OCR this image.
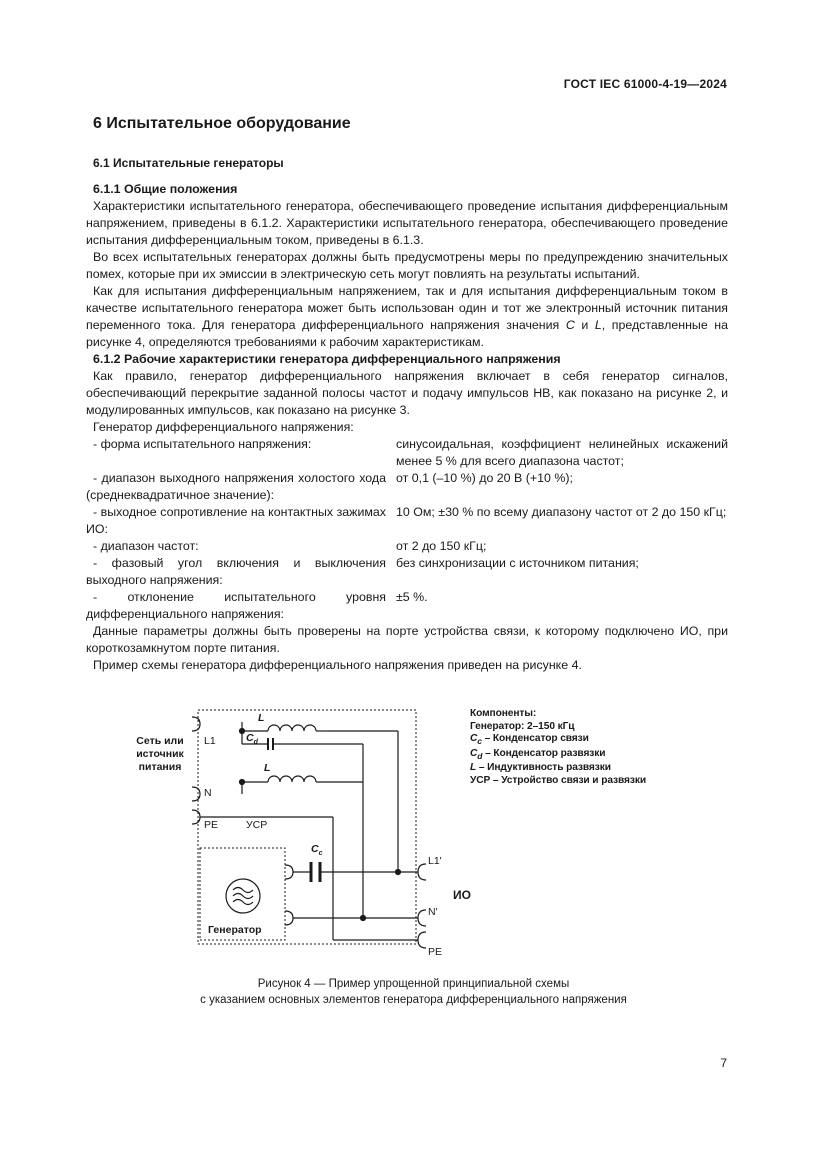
ГОСТ IEC 61000-4-19—2024
6 Испытательное оборудование
6.1 Испытательные генераторы
6.1.1 Общие положения

Характеристики испытательного генератора, обеспечивающего проведение испытания дифференциальным напряжением, приведены в 6.1.2. Характеристики испытательного генератора, обеспечивающего проведение испытания дифференциальным током, приведены в 6.1.3.

Во всех испытательных генераторах должны быть предусмотрены меры по предупреждению значительных помех, которые при их эмиссии в электрическую сеть могут повлиять на результаты испытаний.

Как для испытания дифференциальным напряжением, так и для испытания дифференциальным током в качестве испытательного генератора может быть использован один и тот же электронный источник питания переменного тока. Для генератора дифференциального напряжения значения C и L, представленные на рисунке 4, определяются требованиями к рабочим характеристикам.

6.1.2 Рабочие характеристики генератора дифференциального напряжения

Как правило, генератор дифференциального напряжения включает в себя генератор сигналов, обеспечивающий перекрытие заданной полосы частот и подачу импульсов НВ, как показано на рисунке 2, и модулированных импульсов, как показано на рисунке 3.

Генератор дифференциального напряжения:

- форма испытательного напряжения:	синусоидальная, коэффициент нелинейных искажений менее 5 % для всего диапазона частот;
- диапазон выходного напряжения холостого хода (среднеквадратичное значение):
от 0,1 (–10 %) до 20 В (+10 %);
- выходное сопротивление на контактных зажимах ИО:
10 Ом; ±30 % по всему диапазону частот от 2 до 150 кГц;
- диапазон частот:	от 2 до 150 кГц;
- фазовый угол включения и выключения выходного напряжения:
без синхронизации с источником питания;
- отклонение испытательного уровня дифференциального напряжения:
±5 %.

Данные параметры должны быть проверены на порте устройства связи, к которому подключено ИО, при короткозамкнутом порте питания.

Пример схемы генератора дифференциального напряжения приведен на рисунке 4.

Сеть или
источник
питания
L1
N
PE	УСР
L
$C_d$
L
$C_c$
L1'
N'
PE
ИО
Генератор
Компоненты:
Генератор: 2–150 кГц
$C_c$ – Конденсатор связи
$C_d$ – Конденсатор развязки
L – Индуктивность развязки
УСР – Устройство связи и развязки
Рисунок 4 — Пример упрощенной принципиальной схемы
с указанием основных элементов генератора дифференциального напряжения
7
